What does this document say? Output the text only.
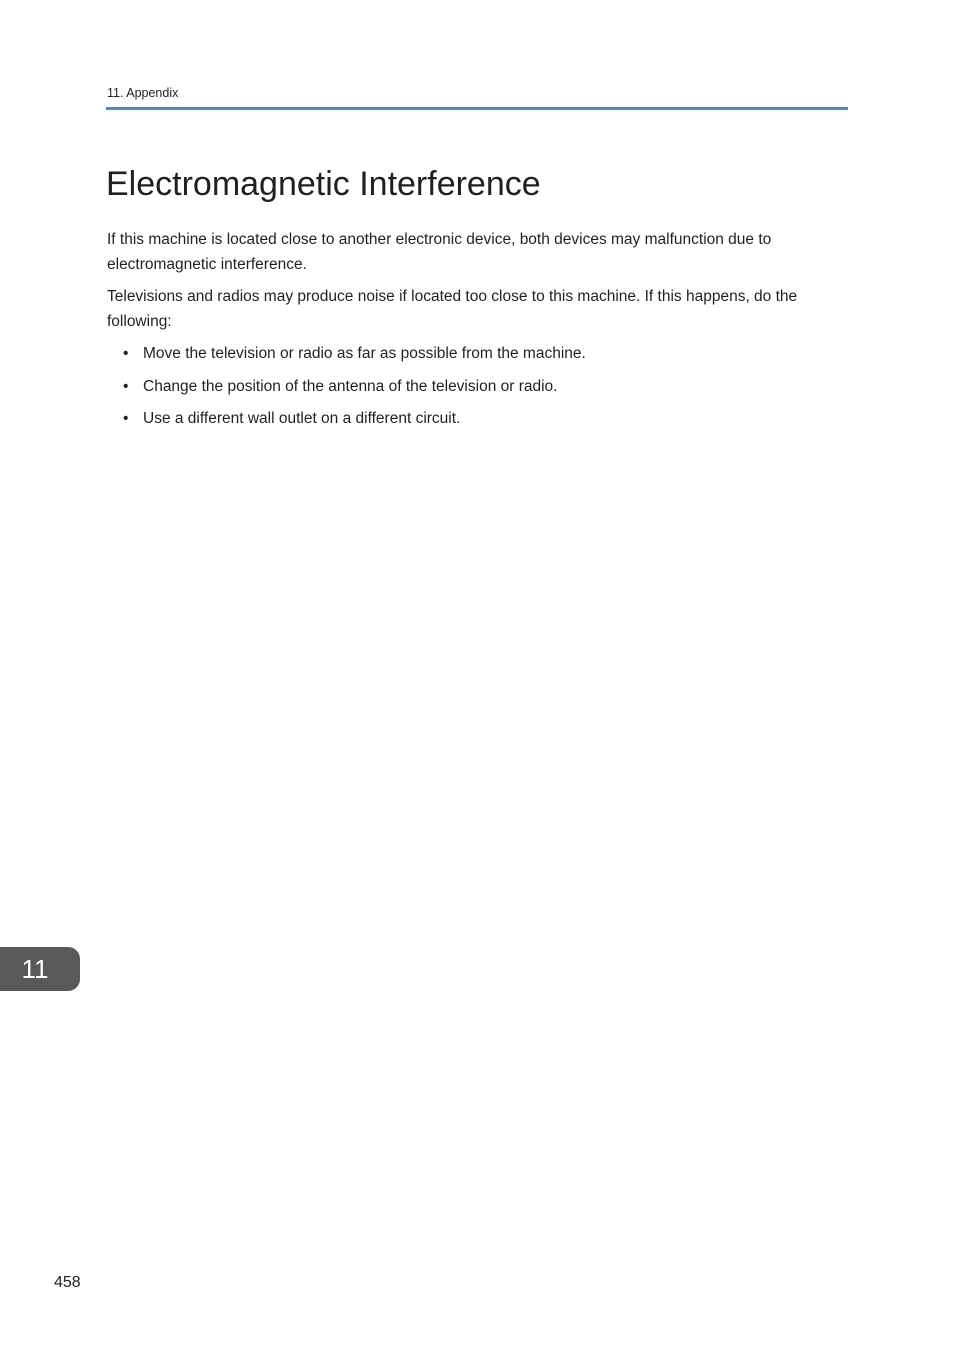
11. Appendix
Electromagnetic Interference

If this machine is located close to another electronic device, both devices may malfunction due to electromagnetic interference.

Televisions and radios may produce noise if located too close to this machine. If this happens, do the following:

• Move the television or radio as far as possible from the machine.
• Change the position of the antenna of the television or radio.
• Use a different wall outlet on a different circuit.
11
458
